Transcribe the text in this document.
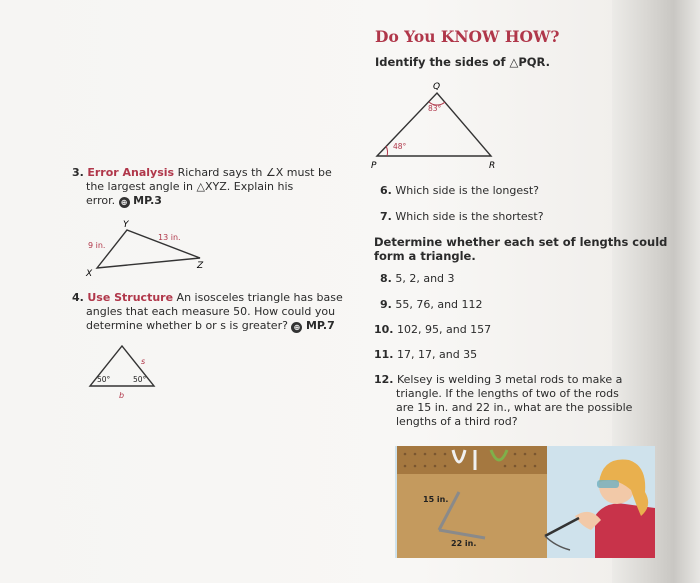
Do You KNOW HOW?
Identify the sides of △PQR.
Q
P	R
83°
48°
6. Which side is the longest?
7. Which side is the shortest?
Determine whether each set of lengths could
form a triangle.
8. 5, 2, and 3
9. 55, 76, and 112
10. 102, 95, and 157
11. 17, 17, and 35
12. Kelsey is welding 3 metal rods to make a
triangle. If the lengths of two of the rods
are 15 in. and 22 in., what are the possible
lengths of a third rod?
15 in.
22 in.
3. Error Analysis Richard says th ∠X must be
the largest angle in △XYZ. Explain his
error. ⊕ MP.3
Y
X
Z
9 in.
13 in.
4. Use Structure An isosceles triangle has base
angles that each measure 50. How could you
determine whether b or s is greater? ⊕ MP.7
50°	50°
s
b
